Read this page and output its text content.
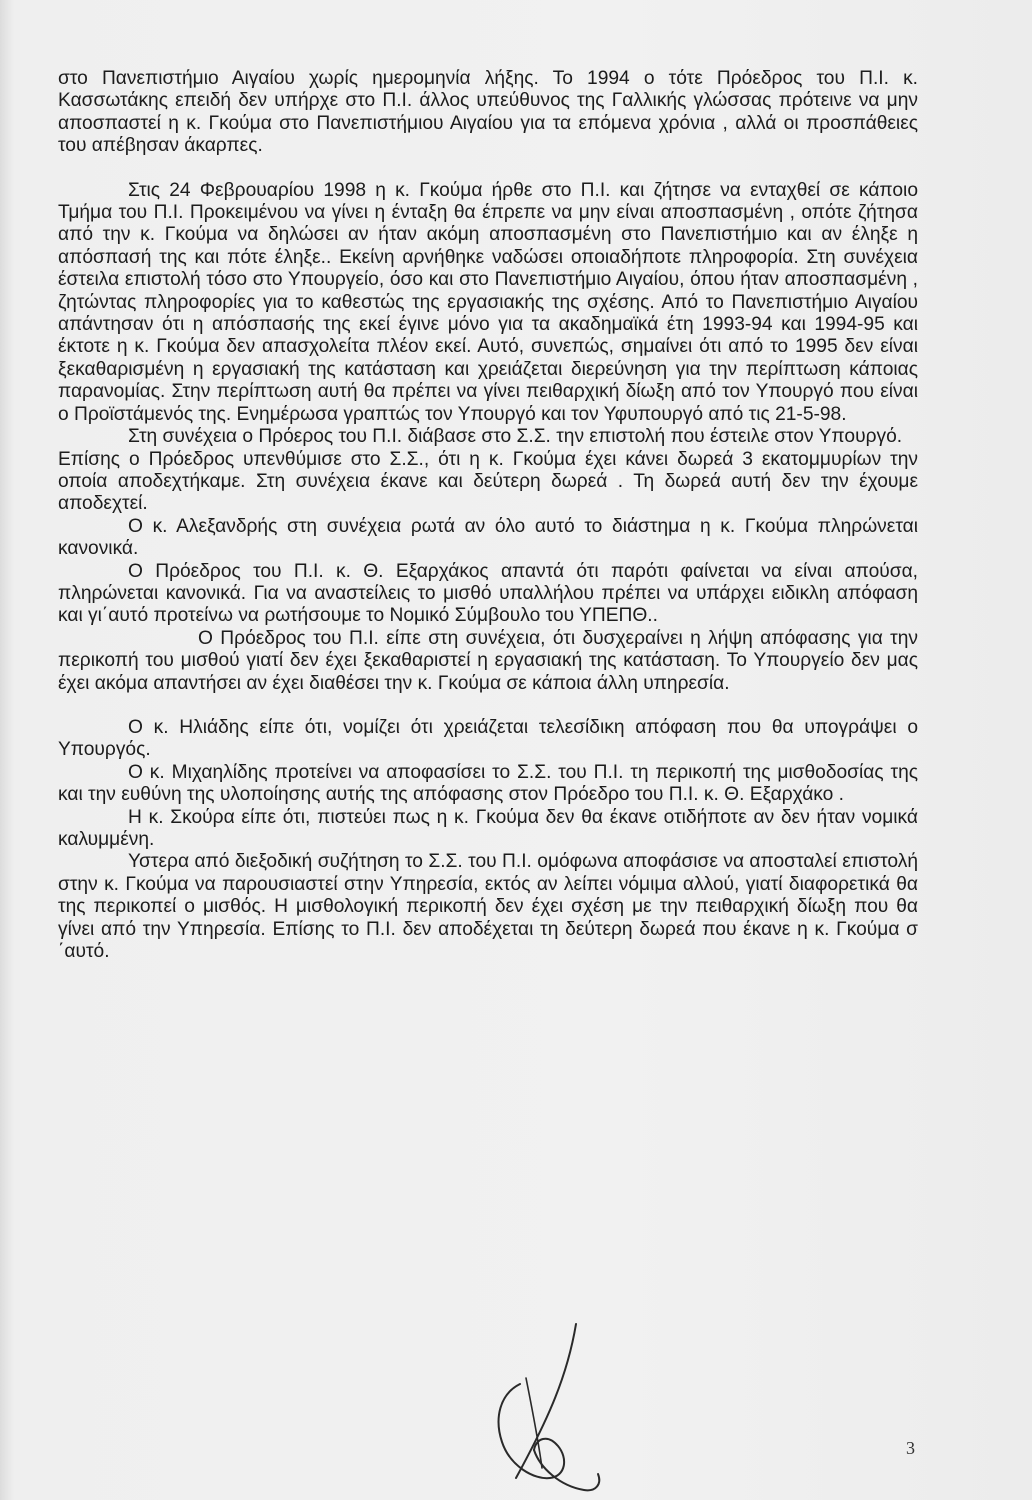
στο Πανεπιστήμιο Αιγαίου χωρίς ημερομηνία λήξης. Το 1994 ο τότε Πρόεδρος του Π.Ι. κ. Κασσωτάκης επειδή δεν υπήρχε στο Π.Ι. άλλος υπεύθυνος της Γαλλικής γλώσσας πρότεινε να μην αποσπαστεί η κ. Γκούμα στο Πανεπιστήμιου Αιγαίου για τα επόμενα χρόνια , αλλά οι προσπάθειες του απέβησαν άκαρπες.

Στις 24 Φεβρουαρίου 1998 η κ. Γκούμα ήρθε στο Π.Ι. και ζήτησε να ενταχθεί σε κάποιο Τμήμα του Π.Ι. Προκειμένου να γίνει η ένταξη θα έπρεπε να μην είναι αποσπασμένη , οπότε ζήτησα από την κ. Γκούμα να δηλώσει αν ήταν ακόμη αποσπασμένη στο Πανεπιστήμιο και αν έληξε η απόσπασή της και πότε έληξε.. Εκείνη αρνήθηκε ναδώσει οποιαδήποτε πληροφορία. Στη συνέχεια έστειλα επιστολή τόσο στο Υπουργείο, όσο και στο Πανεπιστήμιο Αιγαίου, όπου ήταν αποσπασμένη , ζητώντας πληροφορίες για το καθεστώς της εργασιακής της σχέσης. Από το Πανεπιστήμιο Αιγαίου απάντησαν ότι η απόσπασής της εκεί έγινε μόνο για τα ακαδημαϊκά έτη 1993-94 και 1994-95 και έκτοτε η κ. Γκούμα δεν απασχολείτα πλέον εκεί. Αυτό, συνεπώς, σημαίνει ότι από το 1995 δεν είναι ξεκαθαρισμένη η εργασιακή της κατάσταση και χρειάζεται διερεύνηση για την περίπτωση κάποιας παρανομίας. Στην περίπτωση αυτή θα πρέπει να γίνει πειθαρχική δίωξη από τον Υπουργό που είναι ο Προϊστάμενός της. Ενημέρωσα γραπτώς τον Υπουργό και τον Υφυπουργό από τις 21-5-98.

Στη συνέχεια ο Πρόερος του Π.Ι. διάβασε στο Σ.Σ. την επιστολή που έστειλε στον Υπουργό.

Επίσης ο Πρόεδρος υπενθύμισε στο Σ.Σ., ότι η κ. Γκούμα έχει κάνει δωρεά 3 εκατομμυρίων την οποία αποδεχτήκαμε. Στη συνέχεια έκανε και δεύτερη δωρεά . Τη δωρεά αυτή δεν την έχουμε αποδεχτεί.

Ο κ. Αλεξανδρής στη συνέχεια ρωτά αν όλο αυτό το διάστημα η κ. Γκούμα πληρώνεται κανονικά.

Ο Πρόεδρος του Π.Ι. κ. Θ. Εξαρχάκος απαντά ότι παρότι φαίνεται να είναι απούσα, πληρώνεται κανονικά. Για να αναστείλεις το μισθό υπαλλήλου πρέπει να υπάρχει ειδικλη απόφαση και γι΄αυτό προτείνω να ρωτήσουμε το Νομικό Σύμβουλο του ΥΠΕΠΘ..

Ο Πρόεδρος του Π.Ι. είπε στη συνέχεια, ότι δυσχεραίνει η λήψη απόφασης για την περικοπή του μισθού γιατί δεν έχει ξεκαθαριστεί η εργασιακή της κατάσταση. Το Υπουργείο δεν μας έχει ακόμα απαντήσει αν έχει διαθέσει την κ. Γκούμα σε κάποια άλλη υπηρεσία.

Ο κ. Ηλιάδης είπε ότι, νομίζει ότι χρειάζεται τελεσίδικη απόφαση που θα υπογράψει ο Υπουργός.

Ο κ. Μιχαηλίδης προτείνει να αποφασίσει το Σ.Σ. του Π.Ι. τη περικοπή της μισθοδοσίας της και την ευθύνη της υλοποίησης αυτής της απόφασης στον Πρόεδρο του Π.Ι. κ. Θ. Εξαρχάκο .

Η κ. Σκούρα είπε ότι, πιστεύει πως η κ. Γκούμα δεν θα έκανε οτιδήποτε αν δεν ήταν νομικά καλυμμένη.

Υστερα από διεξοδική συζήτηση το Σ.Σ. του Π.Ι. ομόφωνα αποφάσισε να αποσταλεί επιστολή στην κ. Γκούμα να παρουσιαστεί στην Υπηρεσία, εκτός αν λείπει νόμιμα αλλού, γιατί διαφορετικά θα της περικοπεί ο μισθός. Η μισθολογική περικοπή δεν έχει σχέση με την πειθαρχική δίωξη που θα γίνει από την Υπηρεσία. Επίσης το Π.Ι. δεν αποδέχεται τη δεύτερη δωρεά που έκανε η κ. Γκούμα σ ΄αυτό.

3
